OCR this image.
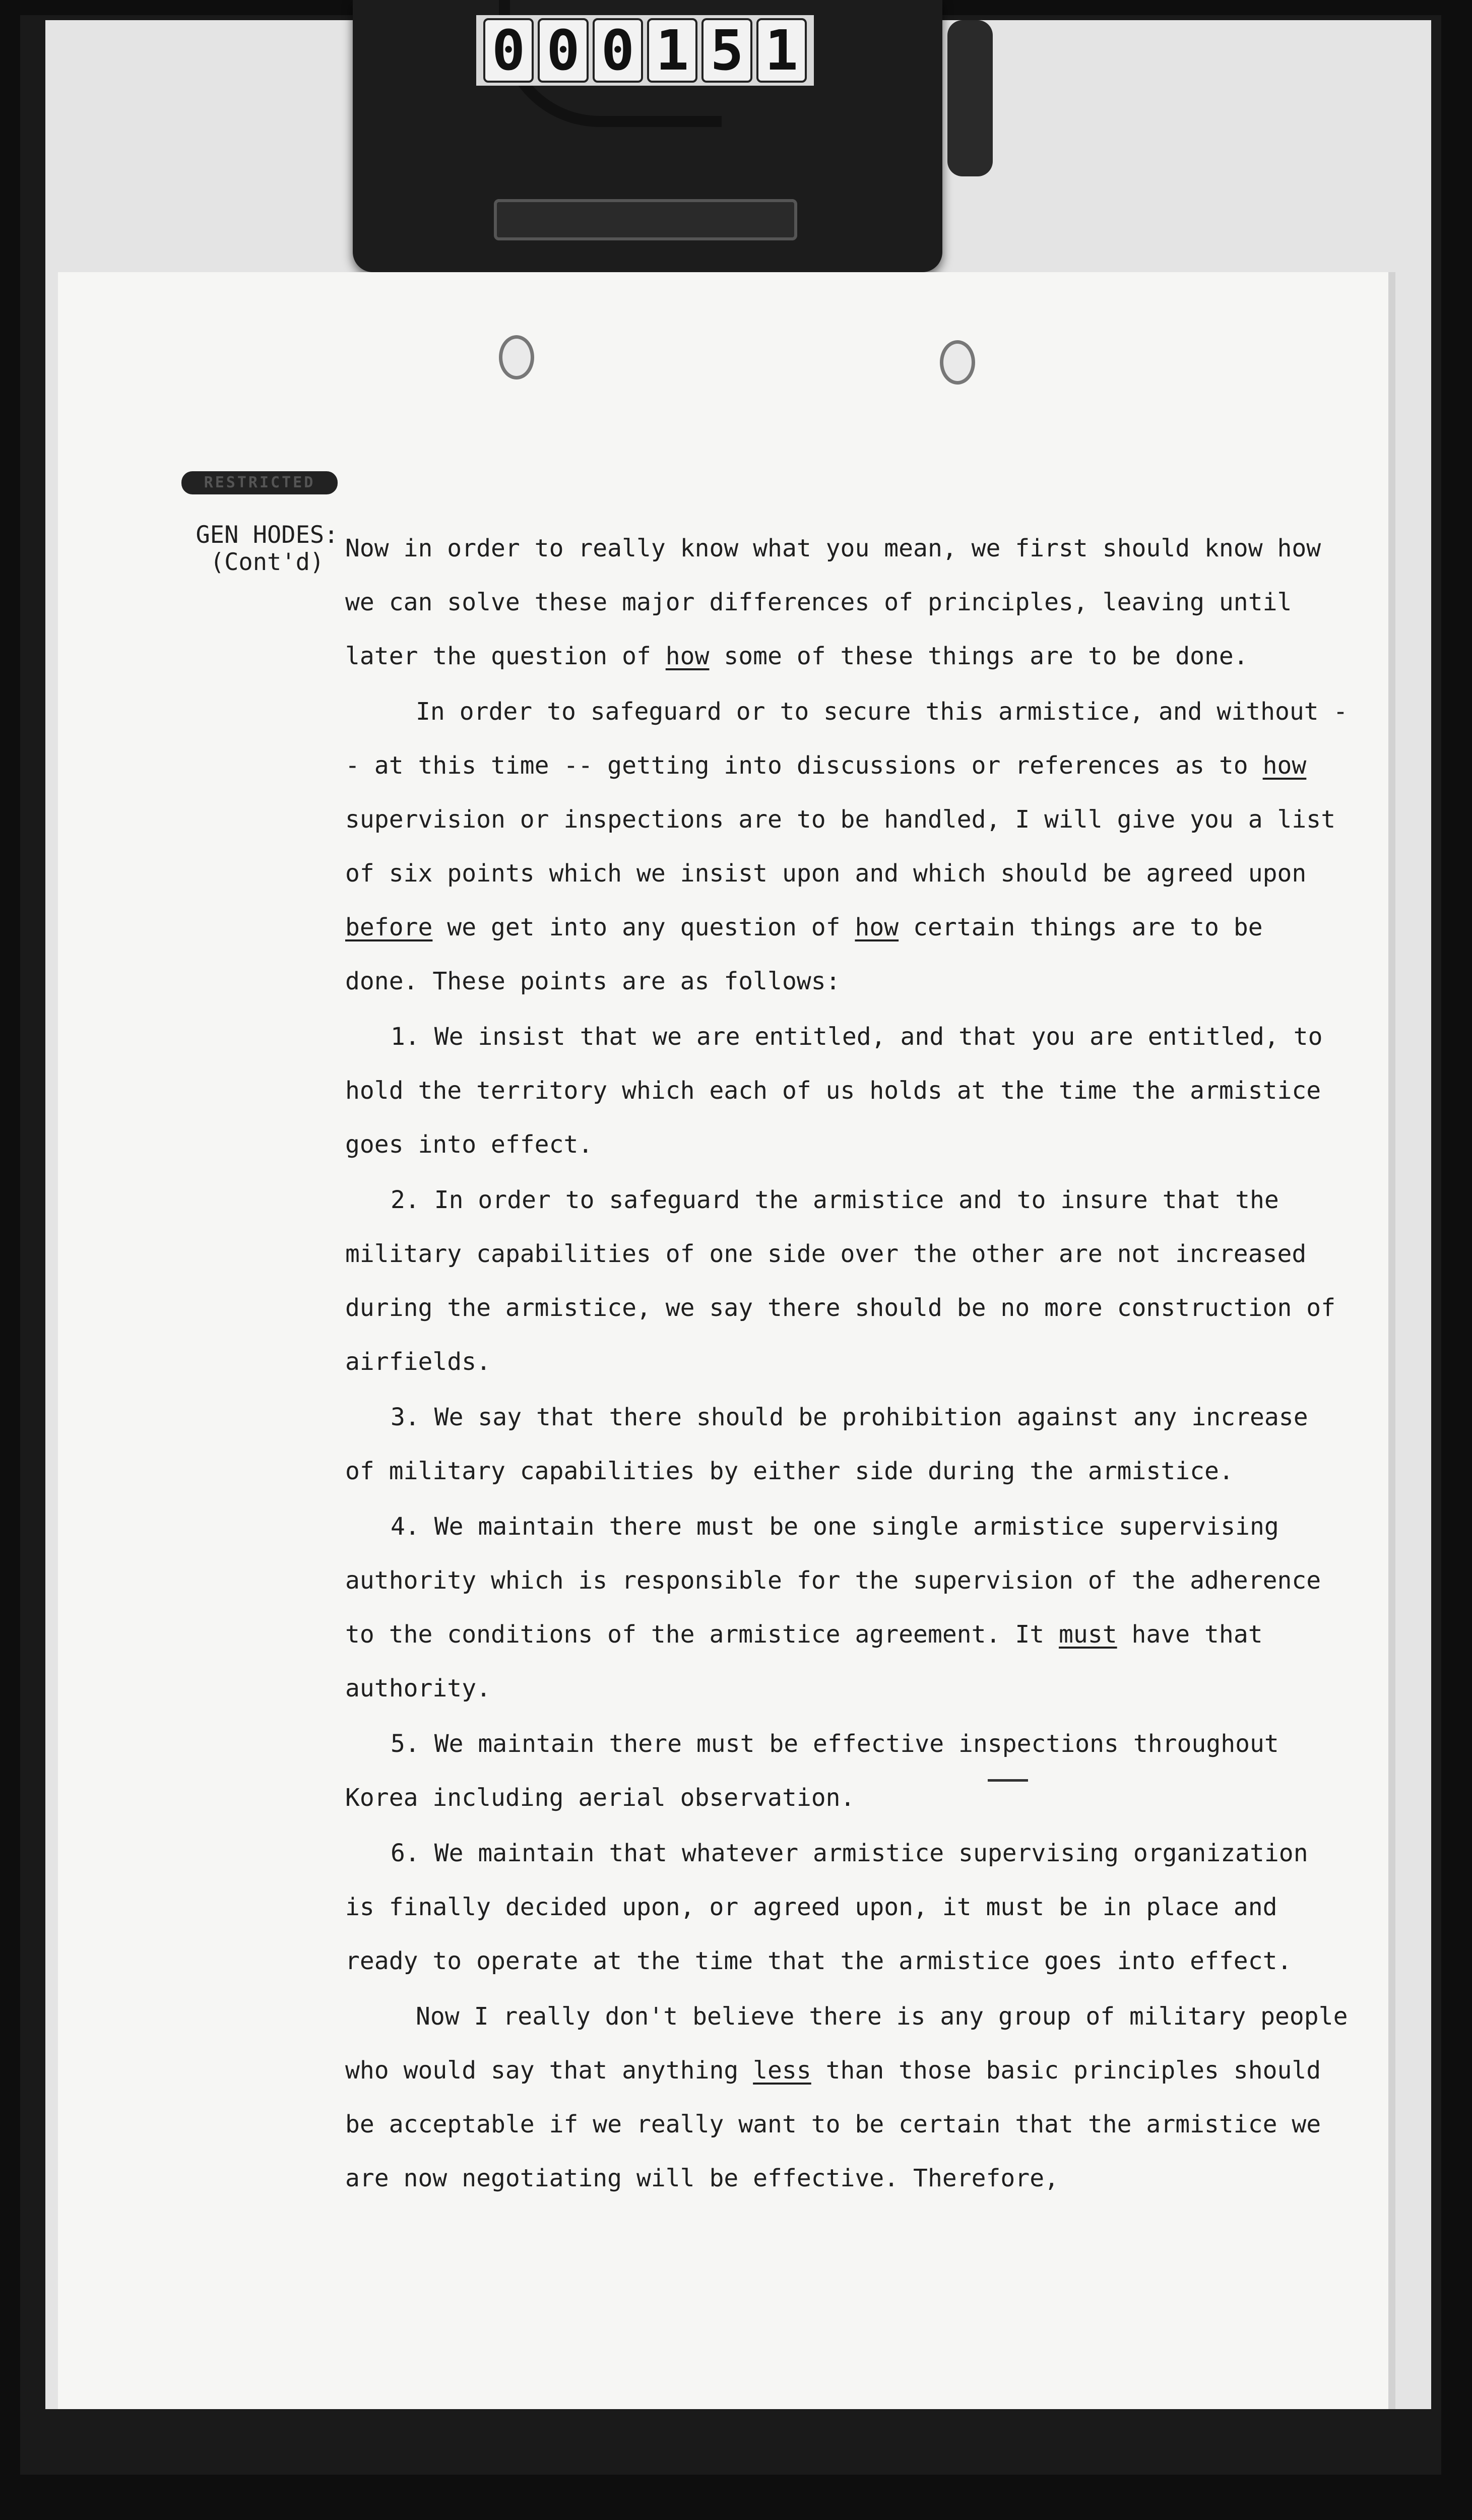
0 0 0 1 5 1
RESTRICTED
GEN HODES:
(Cont'd) Now in order to really know what you mean, we first should know how we can solve these major differences of principles, leaving until later the question of how some of these things are to be done.

In order to safeguard or to secure this armistice, and without -- at this time -- getting into discussions or references as to how supervision or inspections are to be handled, I will give you a list of six points which we insist upon and which should be agreed upon before we get into any question of how certain things are to be done. These points are as follows:

1. We insist that we are entitled, and that you are entitled, to hold the territory which each of us holds at the time the armistice goes into effect.

2. In order to safeguard the armistice and to insure that the military capabilities of one side over the other are not increased during the armistice, we say there should be no more construction of airfields.

3. We say that there should be prohibition against any increase of military capabilities by either side during the armistice.

4. We maintain there must be one single armistice supervising authority which is responsible for the supervision of the adherence to the conditions of the armistice agreement. It must have that authority.

5. We maintain there must be effective inspections throughout Korea including aerial observation.

6. We maintain that whatever armistice supervising organization is finally decided upon, or agreed upon, it must be in place and ready to operate at the time that the armistice goes into effect.

Now I really don't believe there is any group of military people who would say that anything less than those basic principles should be acceptable if we really want to be certain that the armistice we are now negotiating will be effective. Therefore,
